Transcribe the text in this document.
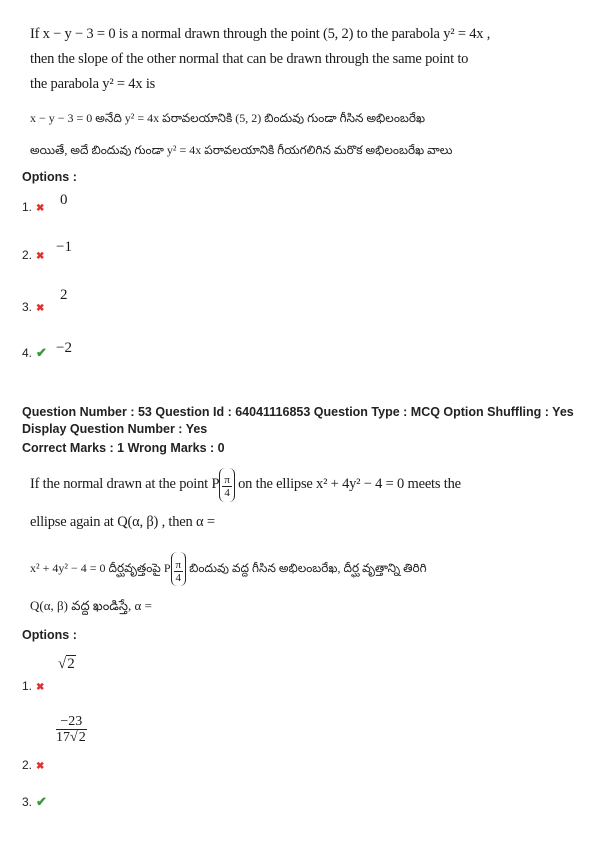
If x − y − 3 = 0 is a normal drawn through the point (5, 2) to the parabola y² = 4x ,
then the slope of the other normal that can be drawn through the same point to
the parabola y² = 4x is
x − y − 3 = 0 అనేది y² = 4x పరావలయానికి (5, 2) బిందువు గుండా గీసిన అభిలంబరేఖ
అయితే, అదే బిందువు గుండా y² = 4x పరావలయానికి గీయగలిగిన మరొక అభిలంబరేఖ వాలు
Options :
1. ✖
0
2. ✖
−1
3. ✖
2
4. ✔ −2
Question Number : 53 Question Id : 64041116853 Question Type : MCQ Option Shuffling : Yes
Display Question Number : Yes
Correct Marks : 1 Wrong Marks : 0
If the normal drawn at the point P $\frac{\pi}{4}$ on the ellipse x² + 4y² − 4 = 0 meets the
ellipse again at Q(α, β) , then α =
x² + 4y² − 4 = 0 దీర్ఘవృత్తంపై P $\frac{\pi}{4}$ బిందువు వద్ద గీసిన అభిలంబరేఖ, దీర్ఘ వృత్తాన్ని తిరిగి
Q(α, β) వద్ద ఖండిస్తే, α =
Options :
√2
1. ✖
$\frac{-23}{17√2}$
2. ✖
3. ✔
